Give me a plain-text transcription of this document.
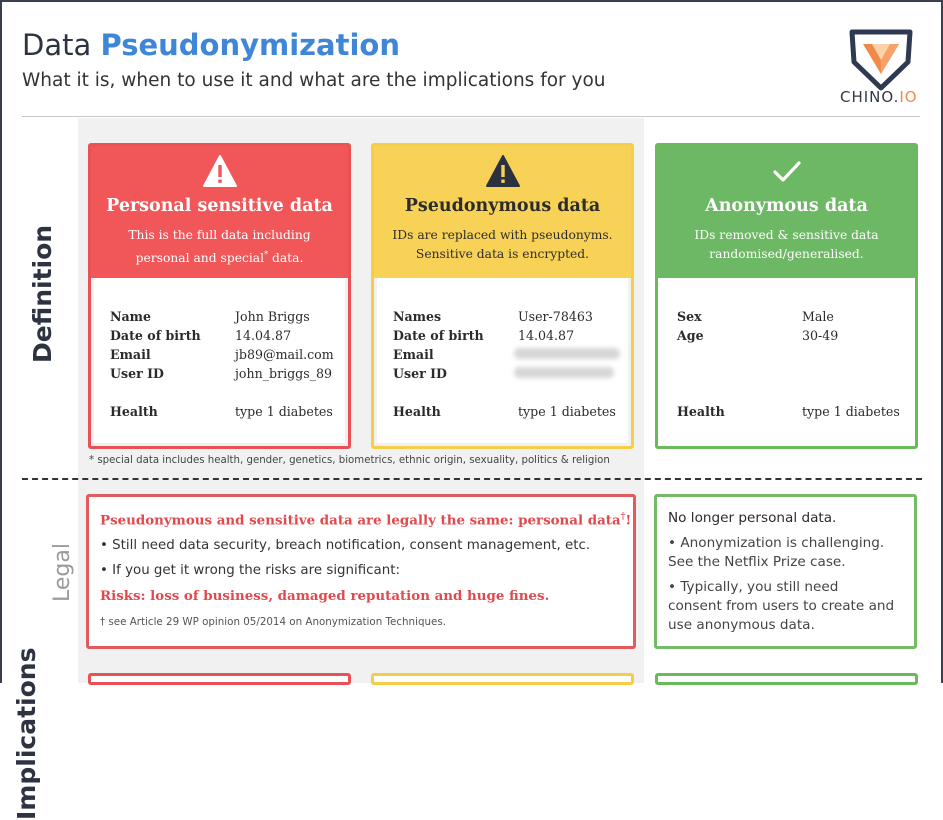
Data Pseudonymization
What it is, when to use it and what are the implications for you
CHINO.IO
Definition
Implications
Legal
Personal sensitive data

This is the full data including
personal and special* data.

Name	John Briggs
Date of birth	14.04.87
Email	jb89@mail.com
User ID	john_briggs_89
Health	type 1 diabetes
Pseudonymous data

IDs are replaced with pseudonyms.
Sensitive data is encrypted.

Names	User-78463
Date of birth	14.04.87
Email
User ID
Health	type 1 diabetes
Anonymous data

IDs removed & sensitive data
randomised/generalised.

Sex	Male
Age	30-49
Health	type 1 diabetes
* special data includes health, gender, genetics, biometrics, ethnic origin, sexuality, politics & religion
Pseudonymous and sensitive data are legally the same: personal data†!
• Still need data security, breach notification, consent management, etc.
• If you get it wrong the risks are significant:
Risks: loss of business, damaged reputation and huge fines.
† see Article 29 WP opinion 05/2014 on Anonymization Techniques.
No longer personal data.
• Anonymization is challenging.
See the Netflix Prize case.
• Typically, you still need
consent from users to create and
use anonymous data.
